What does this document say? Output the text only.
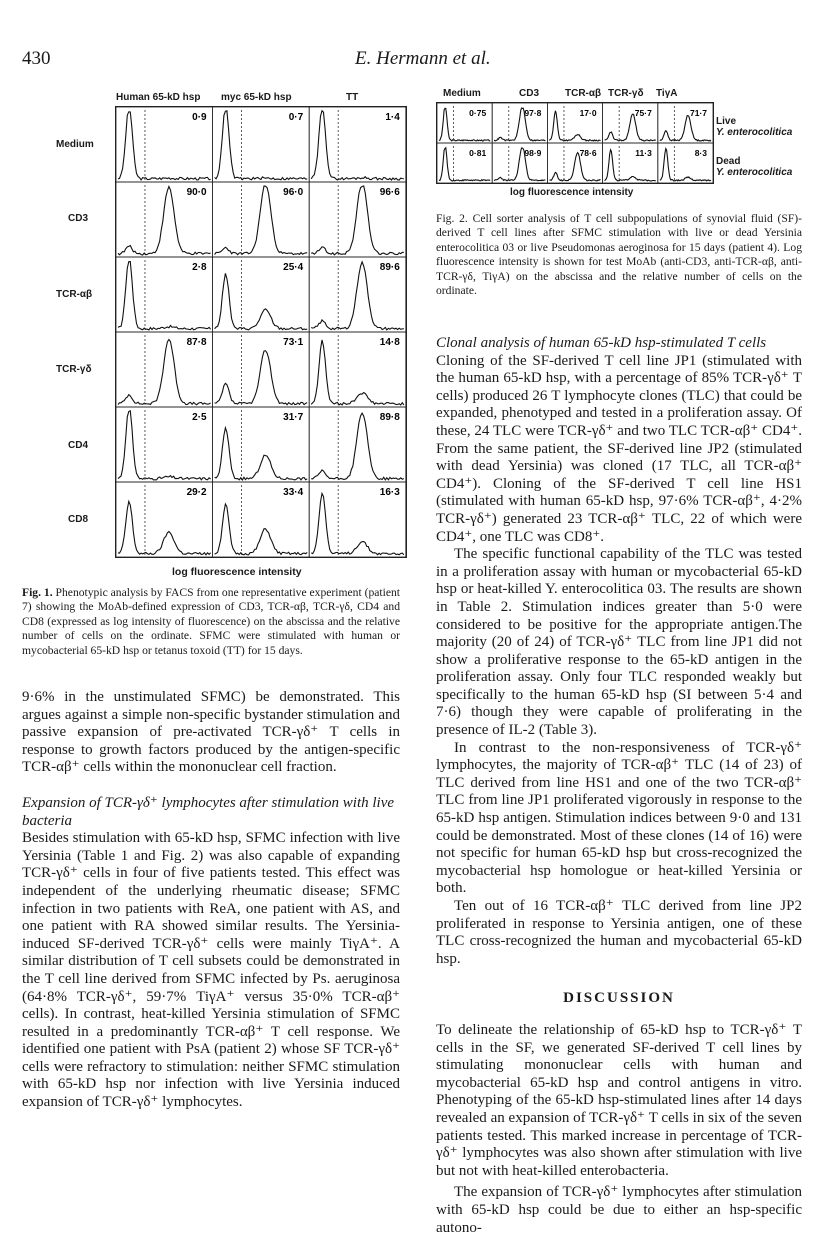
430	E. Hermann et al.
Human 65-kD hsp myc 65-kD hsp	TT
Medium
CD3
TCR-αβ
TCR-γδ
CD4
CD8
0·9	0·7	1·4
90·0	96·0	96·6
2·8	25·4	89·6
87·8	73·1	14·8
2·5	31·7	89·8
29·2	33·4	16·3
log fluorescence intensity
Medium	CD3	TCR-αβ TCR-γδ TiγA
0·75	97·8	17·0	75·7	71·7
0·81	98·9	78·6	11·3	8·3
Live
Y. enterocolitica
Dead
Y. enterocolitica
log fluorescence intensity
Fig. 2. Cell sorter analysis of T cell subpopulations of synovial fluid (SF)-derived T cell lines after SFMC stimulation with live or dead Yersinia enterocolitica 03 or live Pseudomonas aeroginosa for 15 days (patient 4). Log fluorescence intensity is shown for test MoAb (anti-CD3, anti-TCR-αβ, anti-TCR-γδ, TiγA) on the abscissa and the relative number of cells on the ordinate.
Fig. 1. Phenotypic analysis by FACS from one representative experiment (patient 7) showing the MoAb-defined expression of CD3, TCR-αβ, TCR-γδ, CD4 and CD8 (expressed as log intensity of fluorescence) on the abscissa and the relative number of cells on the ordinate. SFMC were stimulated with human or mycobacterial 65-kD hsp or tetanus toxoid (TT) for 15 days.

9·6% in the unstimulated SFMC) be demonstrated. This argues against a simple non-specific bystander stimulation and passive expansion of pre-activated TCR-γδ⁺ T cells in response to growth factors produced by the antigen-specific TCR-αβ⁺ cells within the mononuclear cell fraction.

Expansion of TCR-γδ⁺ lymphocytes after stimulation with live bacteria

Besides stimulation with 65-kD hsp, SFMC infection with live Yersinia (Table 1 and Fig. 2) was also capable of expanding TCR-γδ⁺ cells in four of five patients tested. This effect was independent of the underlying rheumatic disease; SFMC infection in two patients with ReA, one patient with AS, and one patient with RA showed similar results. The Yersinia-induced SF-derived TCR-γδ⁺ cells were mainly TiγA⁺. A similar distribution of T cell subsets could be demonstrated in the T cell line derived from SFMC infected by Ps. aeruginosa (64·8% TCR-γδ⁺, 59·7% TiγA⁺ versus 35·0% TCR-αβ⁺ cells). In contrast, heat-killed Yersinia stimulation of SFMC resulted in a predominantly TCR-αβ⁺ T cell response. We identified one patient with PsA (patient 2) whose SF TCR-γδ⁺ cells were refractory to stimulation: neither SFMC stimulation with 65-kD hsp nor infection with live Yersinia induced expansion of TCR-γδ⁺ lymphocytes.

Clonal analysis of human 65-kD hsp-stimulated T cells

Cloning of the SF-derived T cell line JP1 (stimulated with the human 65-kD hsp, with a percentage of 85% TCR-γδ⁺ T cells) produced 26 T lymphocyte clones (TLC) that could be expanded, phenotyped and tested in a proliferation assay. Of these, 24 TLC were TCR-γδ⁺ and two TLC TCR-αβ⁺ CD4⁺. From the same patient, the SF-derived line JP2 (stimulated with dead Yersinia) was cloned (17 TLC, all TCR-αβ⁺ CD4⁺). Cloning of the SF-derived T cell line HS1 (stimulated with human 65-kD hsp, 97·6% TCR-αβ⁺, 4·2% TCR-γδ⁺) generated 23 TCR-αβ⁺ TLC, 22 of which were CD4⁺, one TLC was CD8⁺.

The specific functional capability of the TLC was tested in a proliferation assay with human or mycobacterial 65-kD hsp or heat-killed Y. enterocolitica 03. The results are shown in Table 2. Stimulation indices greater than 5·0 were considered to be positive for the appropriate antigen.The majority (20 of 24) of TCR-γδ⁺ TLC from line JP1 did not show a proliferative response to the 65-kD antigen in the proliferation assay. Only four TLC responded weakly but specifically to the human 65-kD hsp (SI between 5·4 and 7·6) though they were capable of proliferating in the presence of IL-2 (Table 3).

In contrast to the non-responsiveness of TCR-γδ⁺ lymphocytes, the majority of TCR-αβ⁺ TLC (14 of 23) of TLC derived from line HS1 and one of the two TCR-αβ⁺ TLC from line JP1 proliferated vigorously in response to the 65-kD hsp antigen. Stimulation indices between 9·0 and 131 could be demonstrated. Most of these clones (14 of 16) were not specific for human 65-kD hsp but cross-recognized the mycobacterial hsp homologue or heat-killed Yersinia or both.

Ten out of 16 TCR-αβ⁺ TLC derived from line JP2 proliferated in response to Yersinia antigen, one of these TLC cross-recognized the human and mycobacterial 65-kD hsp.

DISCUSSION

To delineate the relationship of 65-kD hsp to TCR-γδ⁺ T cells in the SF, we generated SF-derived T cell lines by stimulating mononuclear cells with human and mycobacterial 65-kD hsp and control antigens in vitro. Phenotyping of the 65-kD hsp-stimulated lines after 14 days revealed an expansion of TCR-γδ⁺ T cells in six of the seven patients tested. This marked increase in percentage of TCR-γδ⁺ lymphocytes was also shown after stimulation with live but not with heat-killed enterobacteria.

The expansion of TCR-γδ⁺ lymphocytes after stimulation with 65-kD hsp could be due to either an hsp-specific autono-
